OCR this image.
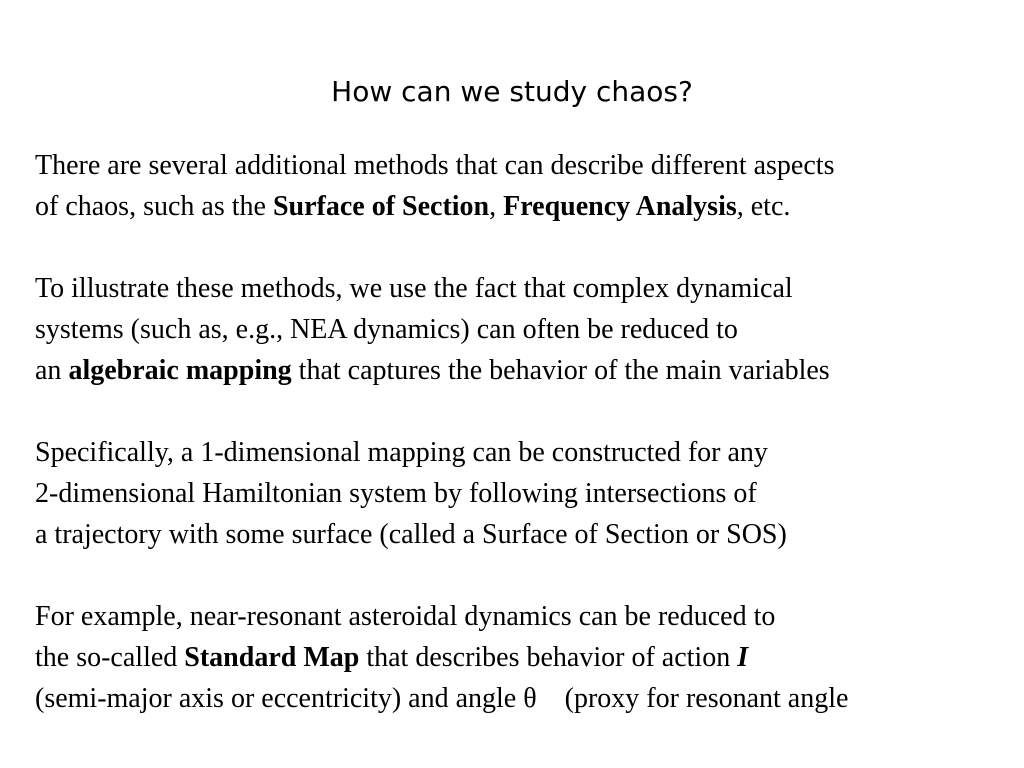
How can we study chaos?
There are several additional methods that can describe different aspects
of chaos, such as the Surface of Section, Frequency Analysis, etc.
To illustrate these methods, we use the fact that complex dynamical
systems (such as, e.g., NEA dynamics) can often be reduced to
an algebraic mapping that captures the behavior of the main variables
Specifically, a 1-dimensional mapping can be constructed for any
2-dimensional Hamiltonian system by following intersections of
a trajectory with some surface (called a Surface of Section or SOS)
For example, near-resonant asteroidal dynamics can be reduced to
the so-called Standard Map that describes behavior of action I
(semi-major axis or eccentricity) and angle θ (proxy for resonant angle
